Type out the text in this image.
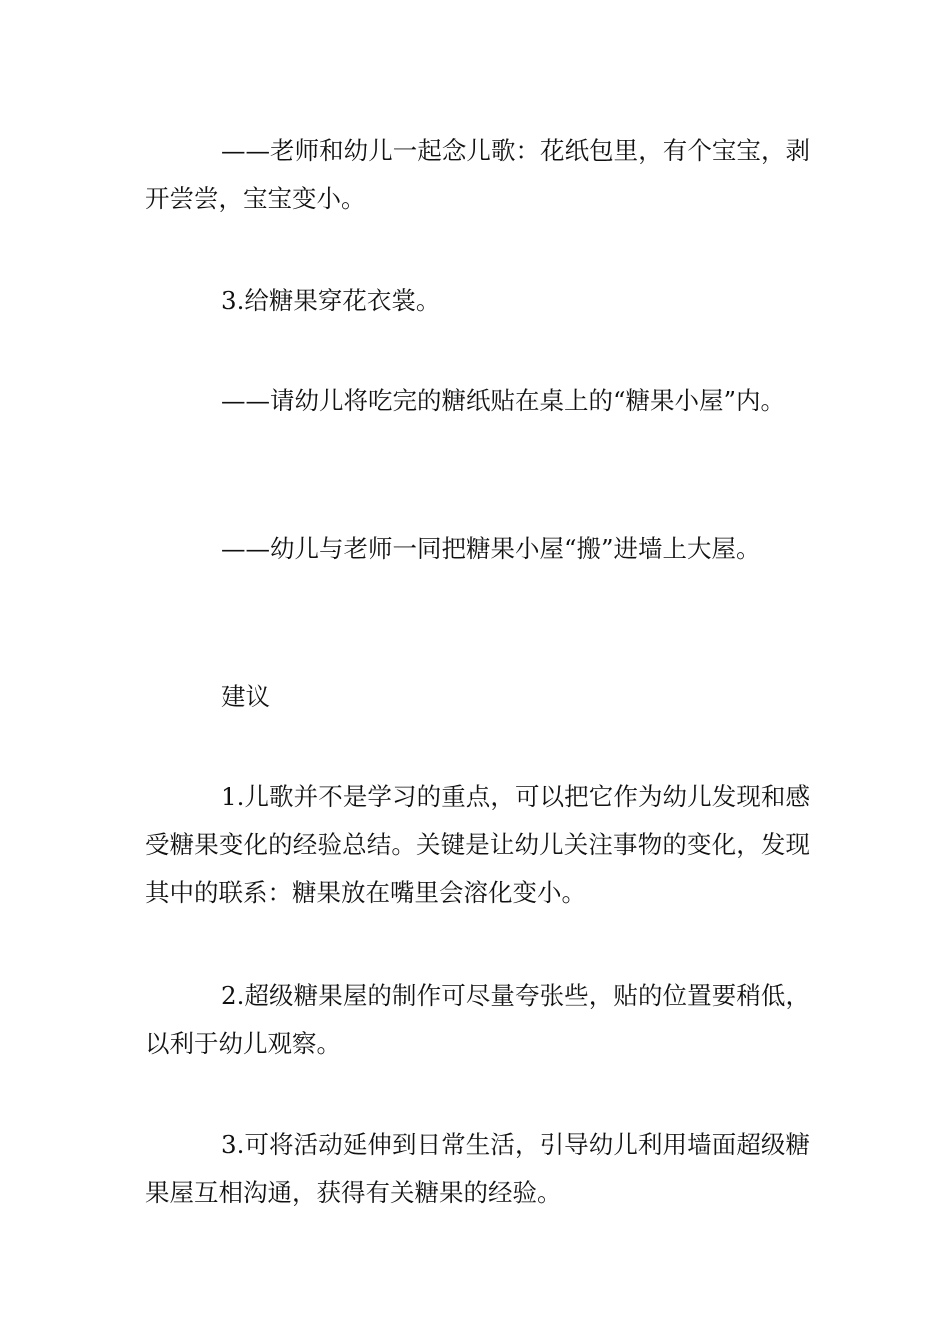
——老师和幼儿一起念儿歌：花纸包里，有个宝宝，剥开尝尝，宝宝变小。

3.给糖果穿花衣裳。

——请幼儿将吃完的糖纸贴在桌上的“糖果小屋”内。

——幼儿与老师一同把糖果小屋“搬”进墙上大屋。

建议

1.儿歌并不是学习的重点，可以把它作为幼儿发现和感受糖果变化的经验总结。关键是让幼儿关注事物的变化，发现其中的联系：糖果放在嘴里会溶化变小。

2.超级糖果屋的制作可尽量夸张些，贴的位置要稍低，以利于幼儿观察。

3.可将活动延伸到日常生活，引导幼儿利用墙面超级糖果屋互相沟通，获得有关糖果的经验。
